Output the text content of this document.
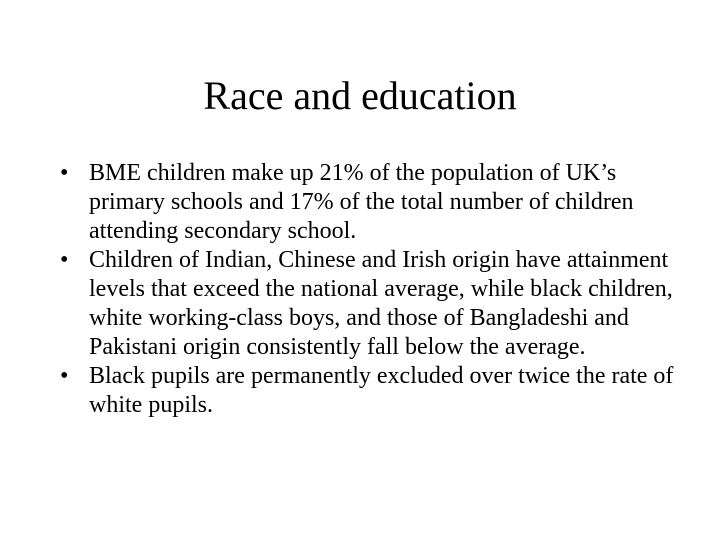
Race and education
• BME children make up 21% of the population of UK’s primary schools and 17% of the total number of children attending secondary school.
• Children of Indian, Chinese and Irish origin have attainment levels that exceed the national average, while black children, white working-class boys, and those of Bangladeshi and Pakistani origin consistently fall below the average.
• Black pupils are permanently excluded over twice the rate of white pupils.
